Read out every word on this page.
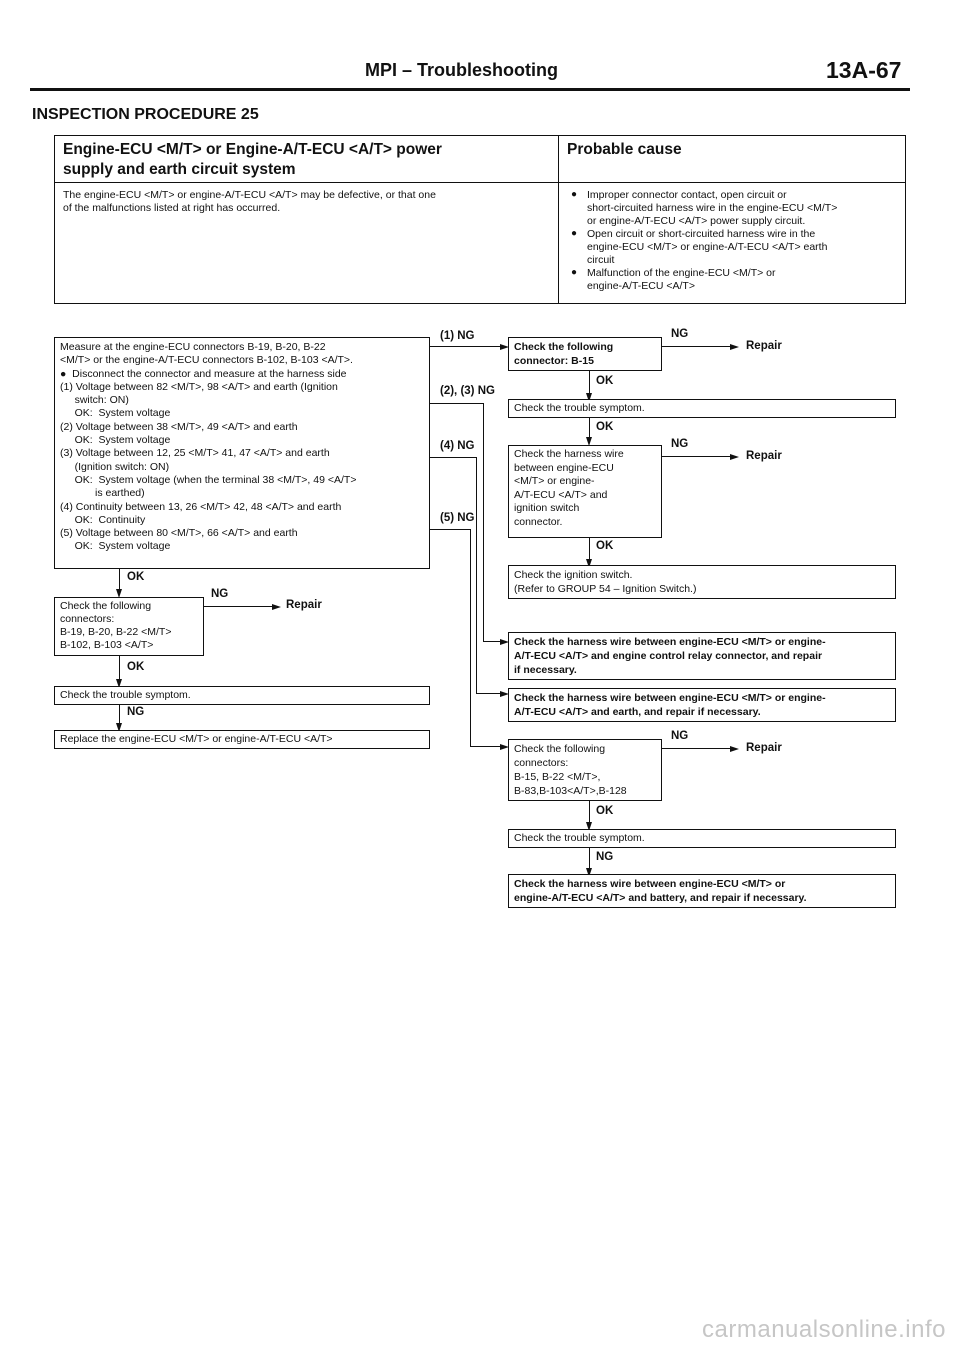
MPI – Troubleshooting	13A-67
INSPECTION PROCEDURE 25
Engine-ECU <M/T> or Engine-A/T-ECU <A/T> power
supply and earth circuit system
Probable cause
The engine-ECU <M/T> or engine-A/T-ECU <A/T> may be defective, or that one
of the malfunctions listed at right has occurred.
● Improper connector contact, open circuit or
short-circuited harness wire in the engine-ECU <M/T>
or engine-A/T-ECU <A/T> power supply circuit.
● Open circuit or short-circuited harness wire in the
engine-ECU <M/T> or engine-A/T-ECU <A/T> earth
circuit
● Malfunction of the engine-ECU <M/T> or
engine-A/T-ECU <A/T>
Measure at the engine-ECU connectors B-19, B-20, B-22
<M/T> or the engine-A/T-ECU connectors B-102, B-103 <A/T>.
●  Disconnect the connector and measure at the harness side
(1) Voltage between 82 <M/T>, 98 <A/T> and earth (Ignition
switch: ON)
OK:  System voltage
(2) Voltage between 38 <M/T>, 49 <A/T> and earth
OK:  System voltage
(3) Voltage between 12, 25 <M/T> 41, 47 <A/T> and earth
(Ignition switch: ON)
OK:  System voltage (when the terminal 38 <M/T>, 49 <A/T>
is earthed)
(4) Continuity between 13, 26 <M/T> 42, 48 <A/T> and earth
OK:  Continuity
(5) Voltage between 80 <M/T>, 66 <A/T> and earth
OK:  System voltage
OK
Check the following
connectors:
B-19, B-20, B-22 <M/T>
B-102, B-103 <A/T>
NG
Repair
OK
Check the trouble symptom.
NG
Replace the engine-ECU <M/T> or engine-A/T-ECU <A/T>
(1) NG
(2), (3) NG
(4) NG
(5) NG
Check the following
connector: B-15
NG
Repair
OK
Check the trouble symptom.
OK
Check the harness wire
between engine-ECU
<M/T> or engine-
A/T-ECU <A/T> and
ignition switch
connector.
NG
Repair
OK
Check the ignition switch.
(Refer to GROUP 54 – Ignition Switch.)
Check the harness wire between engine-ECU <M/T> or engine-
A/T-ECU <A/T> and engine control relay connector, and repair
if necessary.
Check the harness wire between engine-ECU <M/T> or engine-
A/T-ECU <A/T> and earth, and repair if necessary.
Check the following
connectors:
B-15, B-22 <M/T>,
B-83,B-103<A/T>,B-128
NG
Repair
OK
Check the trouble symptom.
NG
Check the harness wire between engine-ECU <M/T> or
engine-A/T-ECU <A/T> and battery, and repair if necessary.
carmanualsonline.info
